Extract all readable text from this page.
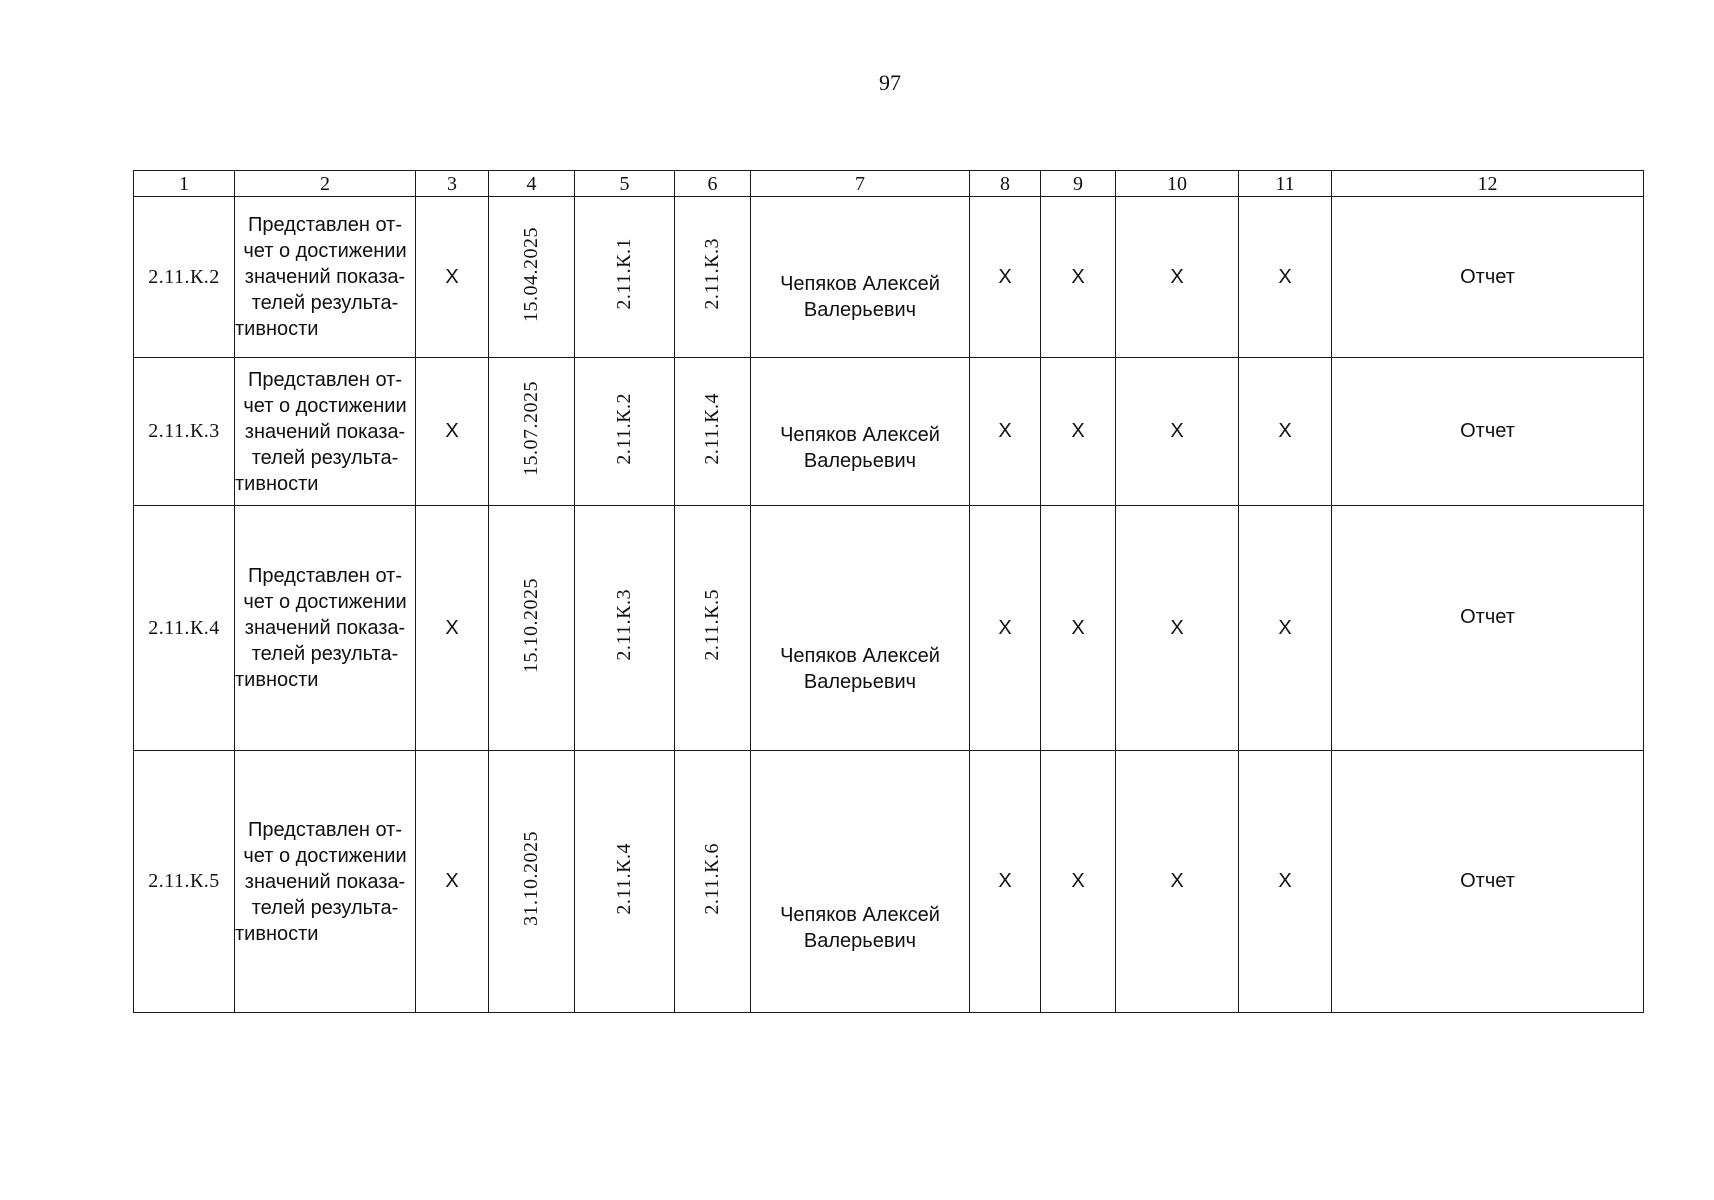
97
1	2	3	4	5	6	7	8	9	10	11	12
2.11.К.2	Представлен от-чет о достижении значений показа-телей результа-тивности	X	15.04.2025	2.11.К.1	2.11.К.3	Чепяков Алексей Валерьевич	X	X	X	X	Отчет
2.11.К.3	Представлен от-чет о достижении значений показа-телей результа-тивности	X	15.07.2025	2.11.К.2	2.11.К.4	Чепяков Алексей Валерьевич	X	X	X	X	Отчет
2.11.К.4	Представлен от-чет о достижении значений показа-телей результа-тивности	X	15.10.2025	2.11.К.3	2.11.К.5	Чепяков Алексей Валерьевич	X	X	X	X	Отчет
2.11.К.5	Представлен от-чет о достижении значений показа-телей результа-тивности	X	31.10.2025	2.11.К.4	2.11.К.6	Чепяков Алексей Валерьевич	X	X	X	X	Отчет
